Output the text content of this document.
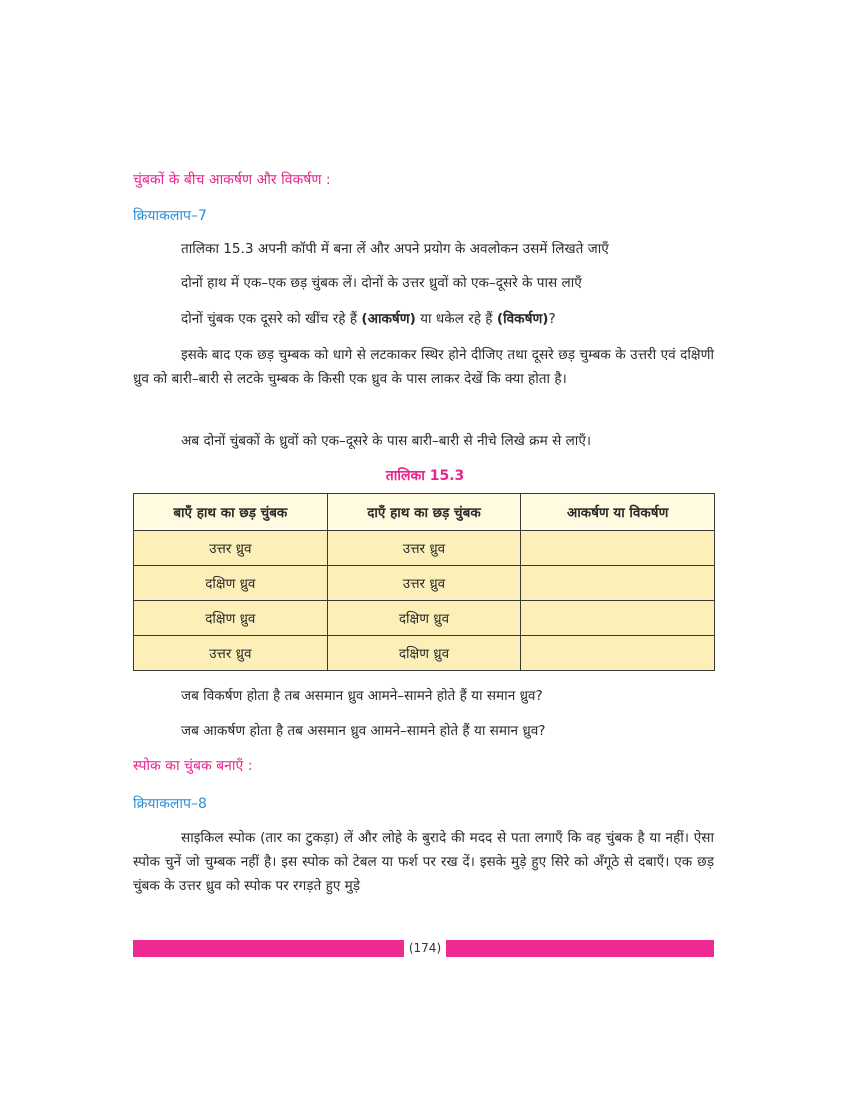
चुंबकों के बीच आकर्षण और विकर्षण :
क्रियाकलाप–7
तालिका 15.3 अपनी कॉपी में बना लें और अपने प्रयोग के अवलोकन उसमें लिखते जाएँ
दोनों हाथ में एक–एक छड़ चुंबक लें। दोनों के उत्तर ध्रुवों को एक–दूसरे के पास लाएँ
दोनों चुंबक एक दूसरे को खींच रहे हैं (आकर्षण) या धकेल रहे हैं (विकर्षण)?
इसके बाद एक छड़ चुम्बक को धागे से लटकाकर स्थिर होने दीजिए तथा दूसरे छड़ चुम्बक के उत्तरी एवं दक्षिणी ध्रुव को बारी–बारी से लटके चुम्बक के किसी एक ध्रुव के पास लाकर देखें कि क्या होता है।
अब दोनों चुंबकों के ध्रुवों को एक–दूसरे के पास बारी–बारी से नीचे लिखे क्रम से लाएँ।
तालिका 15.3
बाएँ हाथ का छड़ चुंबक	दाएँ हाथ का छड़ चुंबक	आकर्षण या विकर्षण
उत्तर ध्रुव	उत्तर ध्रुव	
दक्षिण ध्रुव	उत्तर ध्रुव	
दक्षिण ध्रुव	दक्षिण ध्रुव	
उत्तर ध्रुव	दक्षिण ध्रुव	
जब विकर्षण होता है तब असमान ध्रुव आमने–सामने होते हैं या समान ध्रुव?
जब आकर्षण होता है तब असमान ध्रुव आमने–सामने होते हैं या समान ध्रुव?
स्पोक का चुंबक बनाएँ :
क्रियाकलाप–8
साइकिल स्पोक (तार का टुकड़ा) लें और लोहे के बुरादे की मदद से पता लगाएँ कि वह चुंबक है या नहीं। ऐसा स्पोक चुनें जो चुम्बक नहीं है। इस स्पोक को टेबल या फर्श पर रख दें। इसके मुड़े हुए सिरे को अँगूठे से दबाएँ। एक छड़ चुंबक के उत्तर ध्रुव को स्पोक पर रगड़ते हुए मुड़े
(174)
